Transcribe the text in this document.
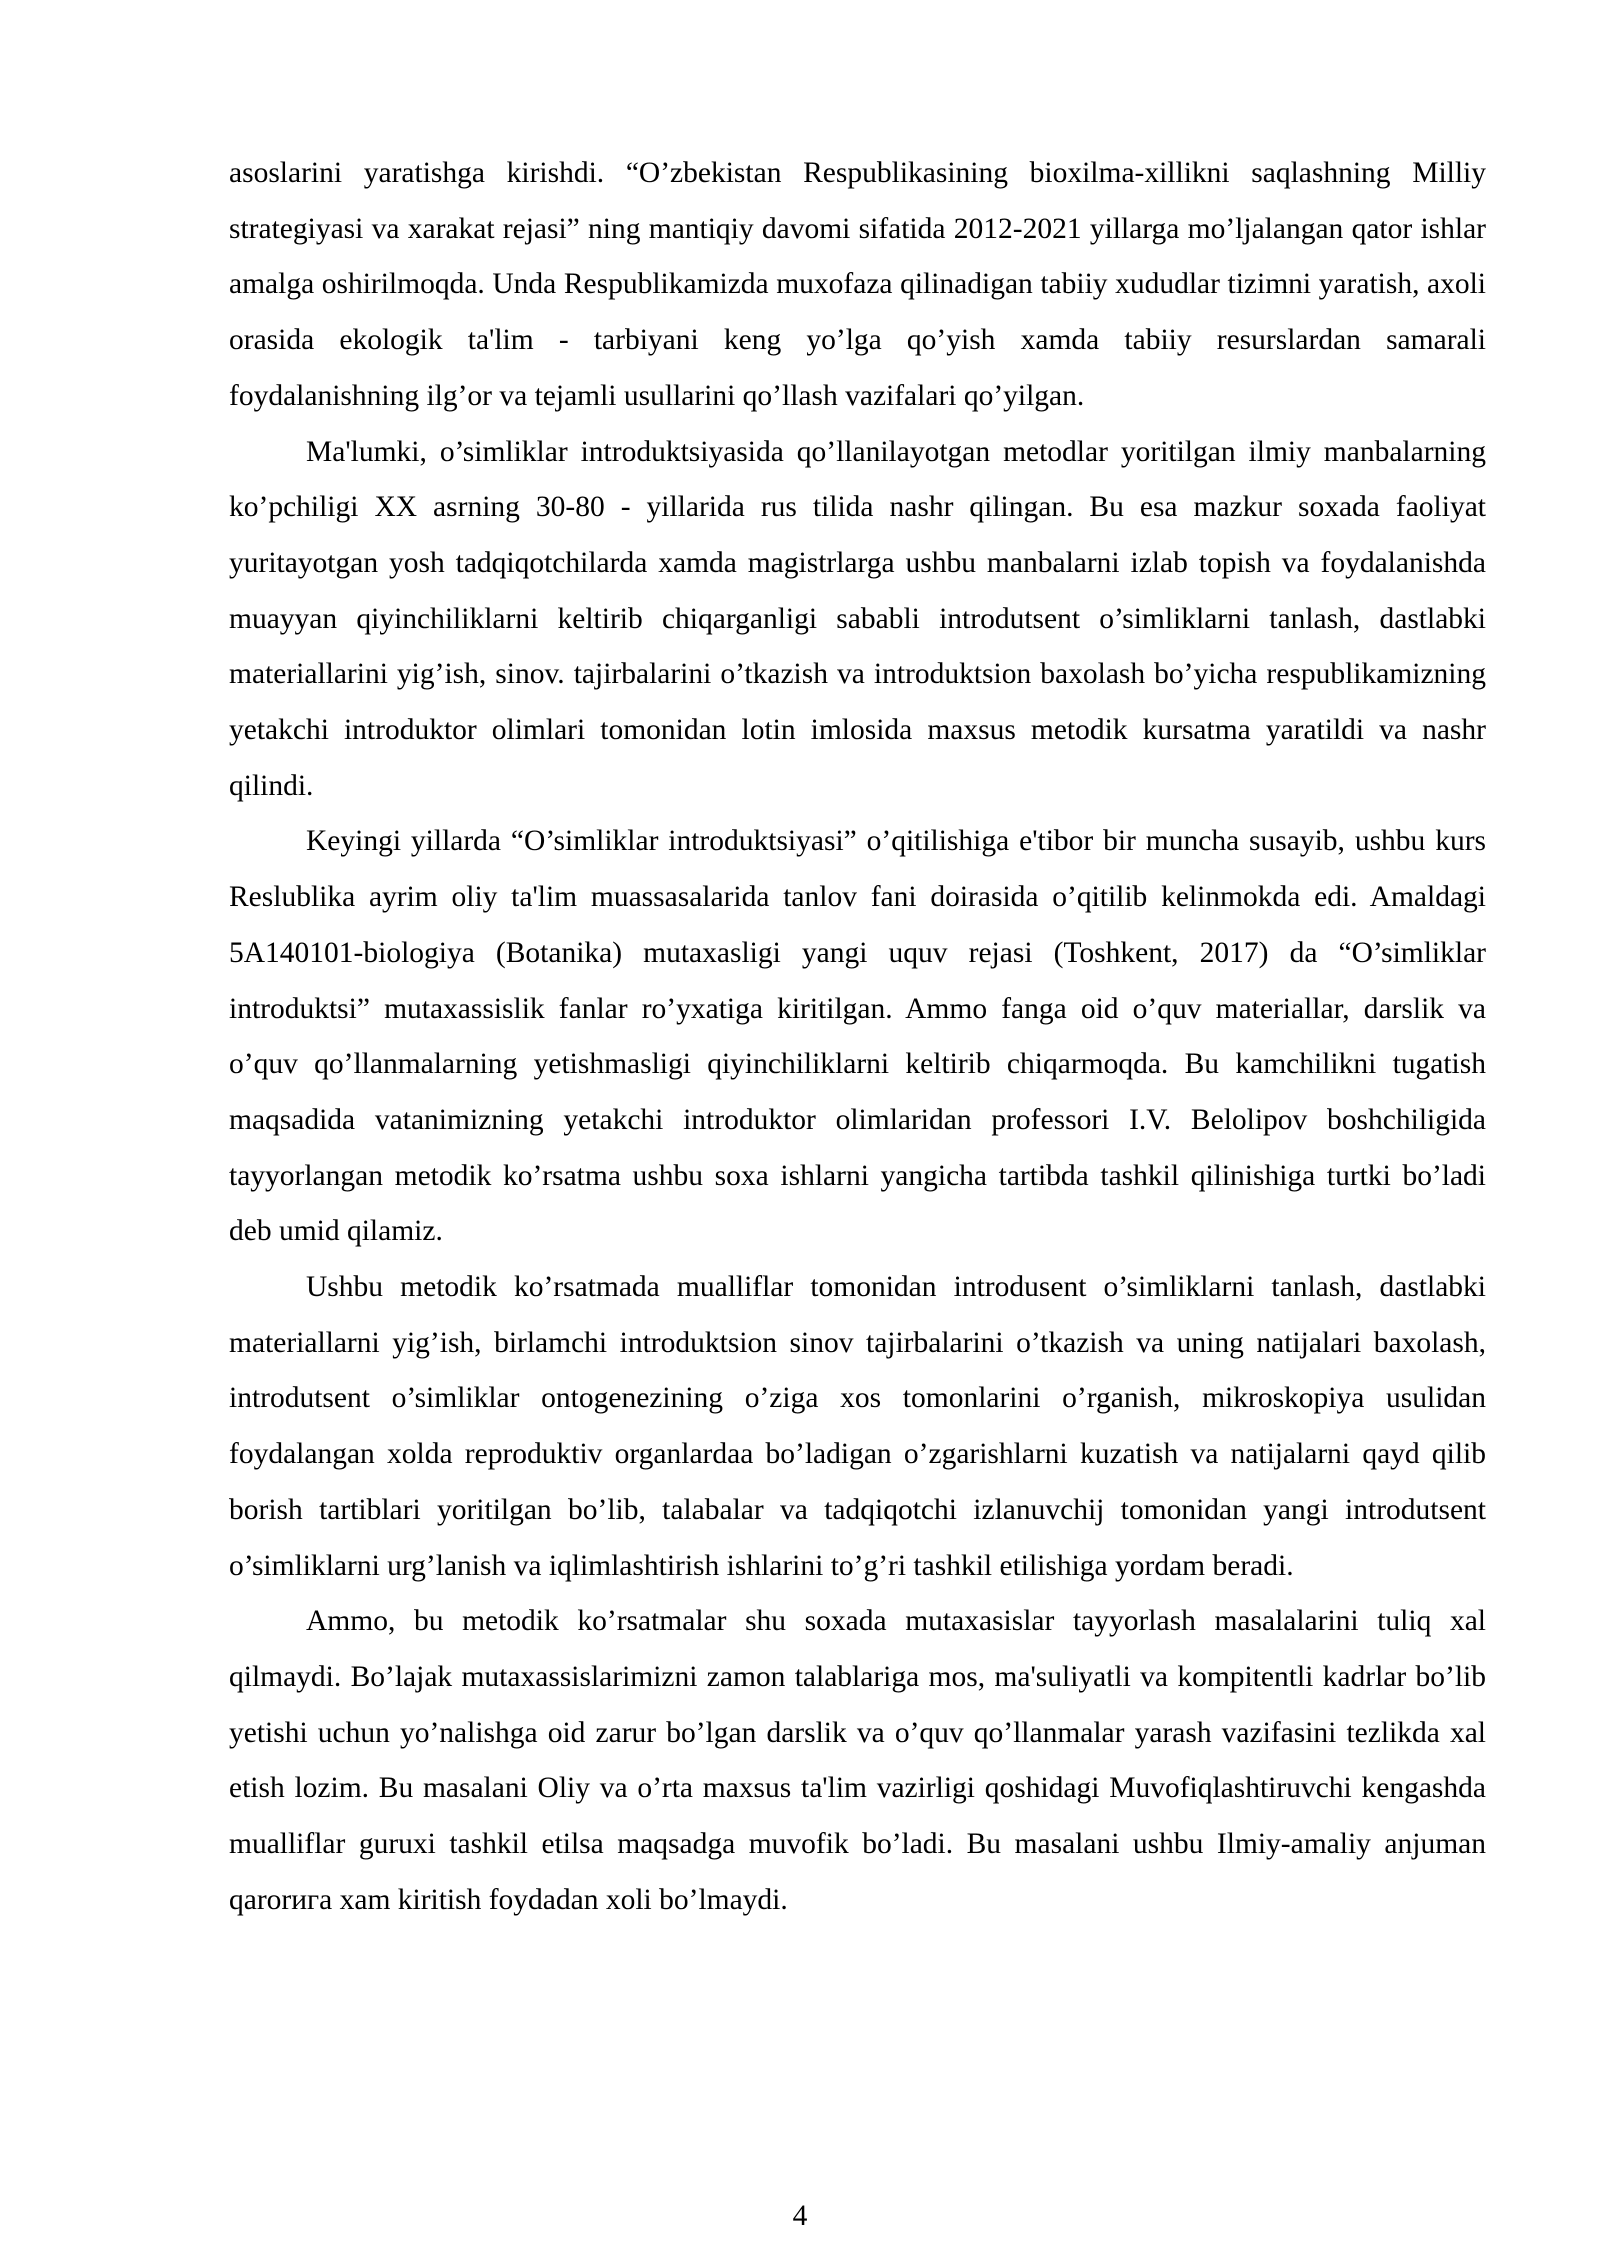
asoslarini yaratishga kirishdi. “O’zbekistan Respublikasining bioxilma-xillikni saqlashning Milliy strategiyasi va xarakat rejasi” ning mantiqiy davomi sifatida 2012-2021 yillarga mo’ljalangan qator ishlar amalga oshirilmoqda. Unda Respublikamizda muxofaza qilinadigan tabiiy xududlar tizimni yaratish, axoli orasida ekologik ta'lim - tarbiyani keng yo’lga qo’yish xamda tabiiy resurslardan samarali foydalanishning ilg’or va tejamli usullarini qo’llash vazifalari qo’yilgan.

Ma'lumki, o’simliklar introduktsiyasida qo’llanilayotgan metodlar yoritilgan ilmiy manbalarning ko’pchiligi XX asrning 30-80 - yillarida rus tilida nashr qilingan. Bu esa mazkur soxada faoliyat yuritayotgan yosh tadqiqotchilarda xamda magistrlarga ushbu manbalarni izlab topish va foydalanishda muayyan qiyinchiliklarni keltirib chiqarganligi sababli introdutsent o’simliklarni tanlash, dastlabki materiallarini yig’ish, sinov. tajirbalarini o’tkazish va introduktsion baxolash bo’yicha respublikamizning yetakchi introduktor olimlari tomonidan lotin imlosida maxsus metodik kursatma yaratildi va nashr qilindi.

Keyingi yillarda “O’simliklar introduktsiyasi” o’qitilishiga e'tibor bir muncha susayib, ushbu kurs Reslublika ayrim oliy ta'lim muassasalarida tanlov fani doirasida o’qitilib kelinmokda edi. Amaldagi 5A140101-biologiya (Botanika) mutaxasligi yangi uquv rejasi (Toshkent, 2017) da “O’simliklar introduktsi” mutaxassislik fanlar ro’yxatiga kiritilgan. Ammo fanga oid o’quv materiallar, darslik va o’quv qo’llanmalarning yetishmasligi qiyinchiliklarni keltirib chiqarmoqda. Bu kamchilikni tugatish maqsadida vatanimizning yetakchi introduktor olimlaridan professori I.V. Belolipov boshchiligida tayyorlangan metodik ko’rsatma ushbu soxa ishlarni yangicha tartibda tashkil qilinishiga turtki bo’ladi deb umid qilamiz.

Ushbu metodik ko’rsatmada mualliflar tomonidan introdusent o’simliklarni tanlash, dastlabki materiallarni yig’ish, birlamchi introduktsion sinov tajirbalarini o’tkazish va uning natijalari baxolash, introdutsent o’simliklar ontogenezining o’ziga xos tomonlarini o’rganish, mikroskopiya usulidan foydalangan xolda reproduktiv organlardaa bo’ladigan o’zgarishlarni kuzatish va natijalarni qayd qilib borish tartiblari yoritilgan bo’lib, talabalar va tadqiqotchi izlanuvchij tomonidan yangi introdutsent o’simliklarni urg’lanish va iqlimlashtirish ishlarini to’g’ri tashkil etilishiga yordam beradi.

Ammo, bu metodik ko’rsatmalar shu soxada mutaxasislar tayyorlash masalalarini tuliq xal qilmaydi. Bo’lajak mutaxassislarimizni zamon talablariga mos, ma'suliyatli va kompitentli kadrlar bo’lib yetishi uchun yo’nalishga oid zarur bo’lgan darslik va o’quv qo’llanmalar yarash vazifasini tezlikda xal etish lozim. Bu masalani Oliy va o’rta maxsus ta'lim vazirligi qoshidagi Muvofiqlashtiruvchi kengashda mualliflar guruxi tashkil etilsa maqsadga muvofik bo’ladi. Bu masalani ushbu Ilmiy-amaliy anjuman qarorига xam kiritish foydadan xoli bo’lmaydi.

4
